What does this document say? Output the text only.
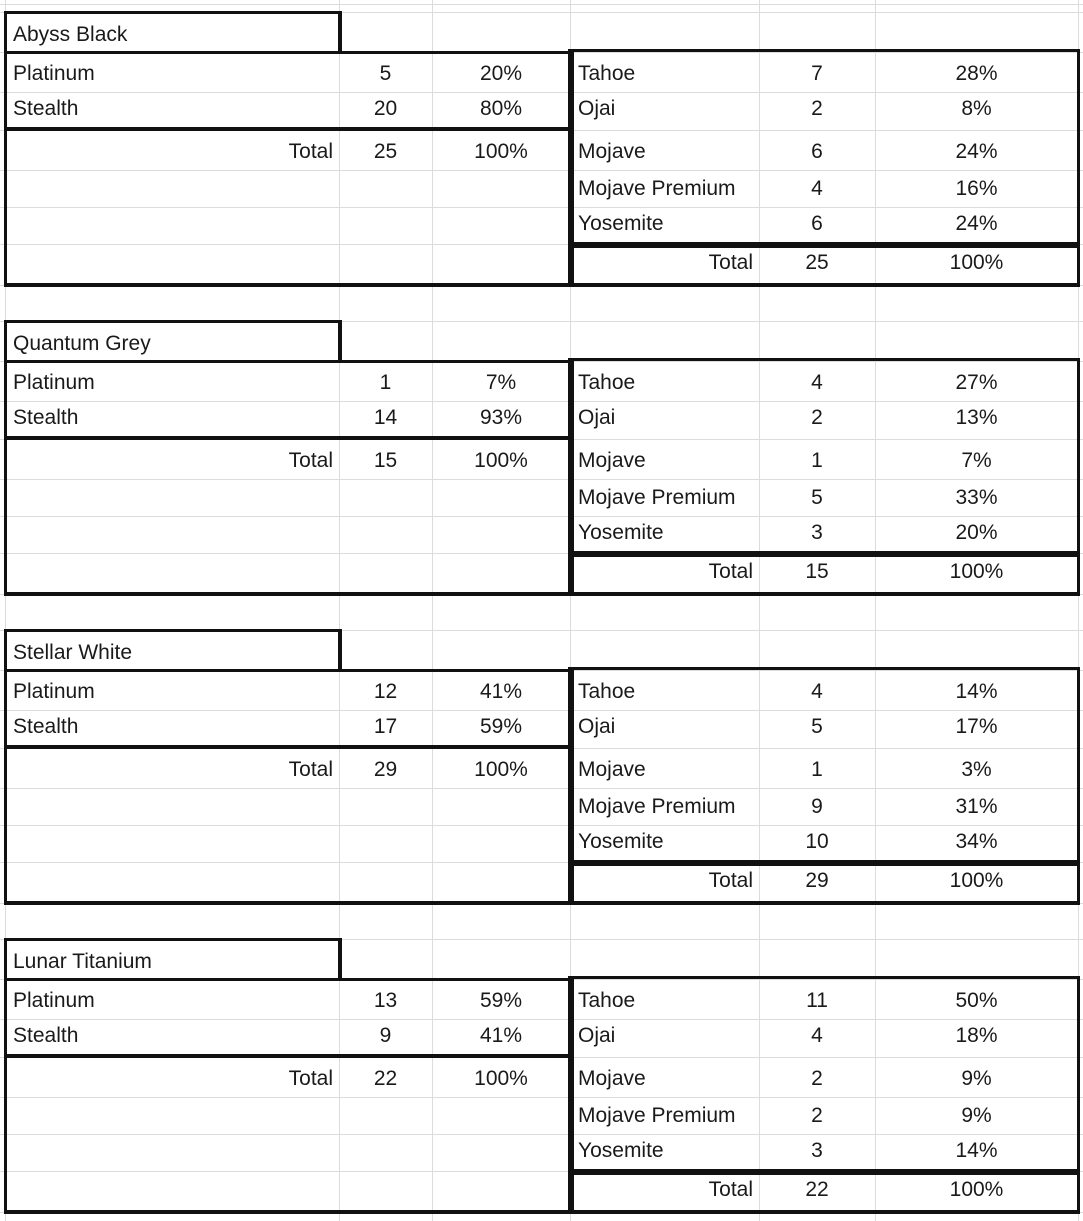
Abyss Black
Platinum	5	20%
Stealth	20	80%
Total	25	100%
Tahoe	7	28%
Ojai	2	8%
Mojave	6	24%
Mojave Premium	4	16%
Yosemite	6	24%
Total	25	100%
Quantum Grey
Platinum	1	7%
Stealth	14	93%
Total	15	100%
Tahoe	4	27%
Ojai	2	13%
Mojave	1	7%
Mojave Premium	5	33%
Yosemite	3	20%
Total	15	100%
Stellar White
Platinum	12	41%
Stealth	17	59%
Total	29	100%
Tahoe	4	14%
Ojai	5	17%
Mojave	1	3%
Mojave Premium	9	31%
Yosemite	10	34%
Total	29	100%
Lunar Titanium
Platinum	13	59%
Stealth	9	41%
Total	22	100%
Tahoe	11	50%
Ojai	4	18%
Mojave	2	9%
Mojave Premium	2	9%
Yosemite	3	14%
Total	22	100%
